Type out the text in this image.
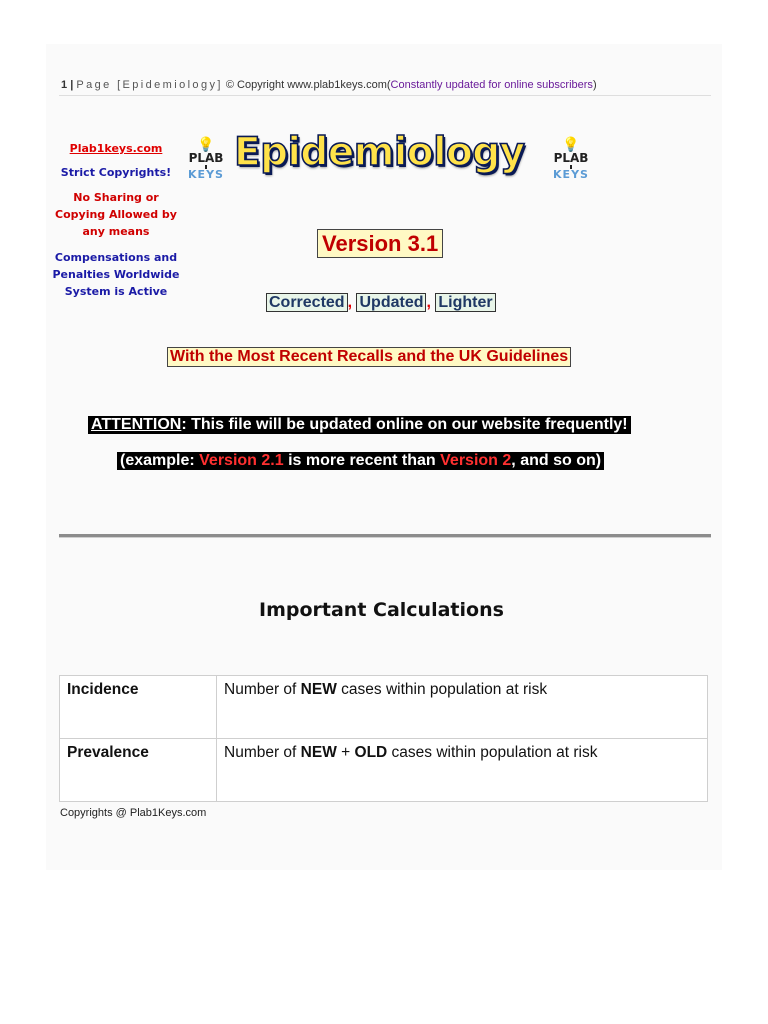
1 | Page [Epidemiology] © Copyright www.plab1keys.com(Constantly updated for online subscribers)
Plab1keys.com
Strict Copyrights!
No Sharing or Copying Allowed by any means
Compensations and Penalties Worldwide System is Active
💡
PLAB
KEYS Epidemiology	💡
PLAB
KEYS
Version 3.1
Corrected , Updated , Lighter
With the Most Recent Recalls and the UK Guidelines
ATTENTION: This file will be updated online on our website frequently!
(example: Version 2.1 is more recent than Version 2, and so on)
Important Calculations
Incidence	Number of NEW cases within population at risk
Prevalence	Number of NEW + OLD cases within population at risk
Copyrights @ Plab1Keys.com
